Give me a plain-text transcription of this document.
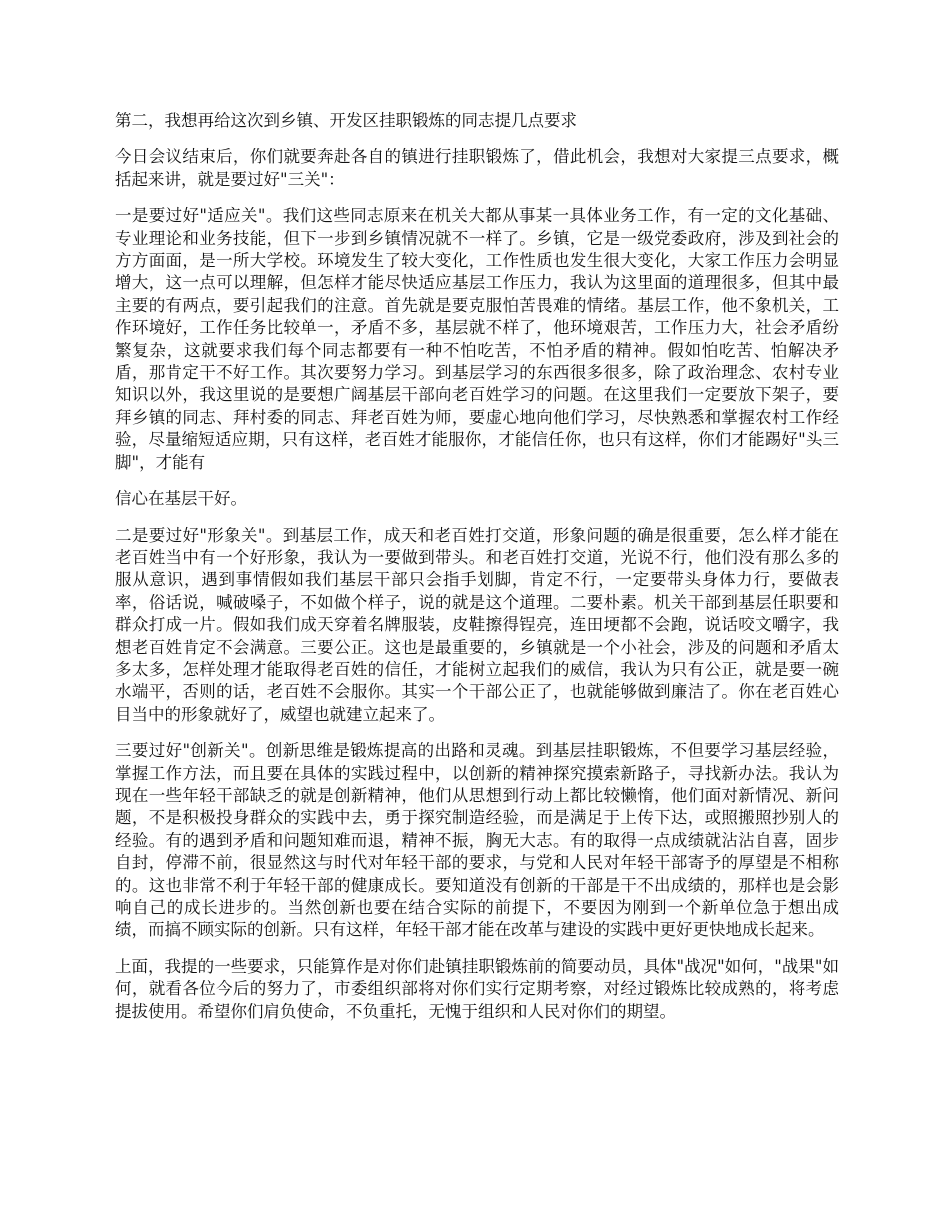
第二，我想再给这次到乡镇、开发区挂职锻炼的同志提几点要求

今日会议结束后，你们就要奔赴各自的镇进行挂职锻炼了，借此机会，我想对大家提三点要求，概括起来讲，就是要过好"三关"：

一是要过好"适应关"。我们这些同志原来在机关大都从事某一具体业务工作，有一定的文化基础、专业理论和业务技能，但下一步到乡镇情况就不一样了。乡镇，它是一级党委政府，涉及到社会的方方面面，是一所大学校。环境发生了较大变化，工作性质也发生很大变化，大家工作压力会明显增大，这一点可以理解，但怎样才能尽快适应基层工作压力，我认为这里面的道理很多，但其中最主要的有两点，要引起我们的注意。首先就是要克服怕苦畏难的情绪。基层工作，他不象机关，工作环境好，工作任务比较单一，矛盾不多，基层就不样了，他环境艰苦，工作压力大，社会矛盾纷繁复杂，这就要求我们每个同志都要有一种不怕吃苦，不怕矛盾的精神。假如怕吃苦、怕解决矛盾，那肯定干不好工作。其次要努力学习。到基层学习的东西很多很多，除了政治理念、农村专业知识以外，我这里说的是要想广阔基层干部向老百姓学习的问题。在这里我们一定要放下架子，要拜乡镇的同志、拜村委的同志、拜老百姓为师，要虚心地向他们学习，尽快熟悉和掌握农村工作经验，尽量缩短适应期，只有这样，老百姓才能服你，才能信任你，也只有这样，你们才能踢好"头三脚"，才能有

信心在基层干好。

二是要过好"形象关"。到基层工作，成天和老百姓打交道，形象问题的确是很重要，怎么样才能在老百姓当中有一个好形象，我认为一要做到带头。和老百姓打交道，光说不行，他们没有那么多的服从意识，遇到事情假如我们基层干部只会指手划脚，肯定不行，一定要带头身体力行，要做表率，俗话说，喊破嗓子，不如做个样子，说的就是这个道理。二要朴素。机关干部到基层任职要和群众打成一片。假如我们成天穿着名牌服装，皮鞋擦得锃亮，连田埂都不会跑，说话咬文嚼字，我想老百姓肯定不会满意。三要公正。这也是最重要的，乡镇就是一个小社会，涉及的问题和矛盾太多太多，怎样处理才能取得老百姓的信任，才能树立起我们的威信，我认为只有公正，就是要一碗水端平，否则的话，老百姓不会服你。其实一个干部公正了，也就能够做到廉洁了。你在老百姓心目当中的形象就好了，威望也就建立起来了。

三要过好"创新关"。创新思维是锻炼提高的出路和灵魂。到基层挂职锻炼，不但要学习基层经验，掌握工作方法，而且要在具体的实践过程中，以创新的精神探究摸索新路子，寻找新办法。我认为现在一些年轻干部缺乏的就是创新精神，他们从思想到行动上都比较懒惰，他们面对新情况、新问题，不是积极投身群众的实践中去，勇于探究制造经验，而是满足于上传下达，或照搬照抄别人的经验。有的遇到矛盾和问题知难而退，精神不振，胸无大志。有的取得一点成绩就沾沾自喜，固步自封，停滞不前，很显然这与时代对年轻干部的要求，与党和人民对年轻干部寄予的厚望是不相称的。这也非常不利于年轻干部的健康成长。要知道没有创新的干部是干不出成绩的，那样也是会影响自己的成长进步的。当然创新也要在结合实际的前提下，不要因为刚到一个新单位急于想出成绩，而搞不顾实际的创新。只有这样，年轻干部才能在改革与建设的实践中更好更快地成长起来。

上面，我提的一些要求，只能算作是对你们赴镇挂职锻炼前的简要动员，具体"战况"如何，"战果"如何，就看各位今后的努力了，市委组织部将对你们实行定期考察，对经过锻炼比较成熟的，将考虑提拔使用。希望你们肩负使命，不负重托，无愧于组织和人民对你们的期望。
